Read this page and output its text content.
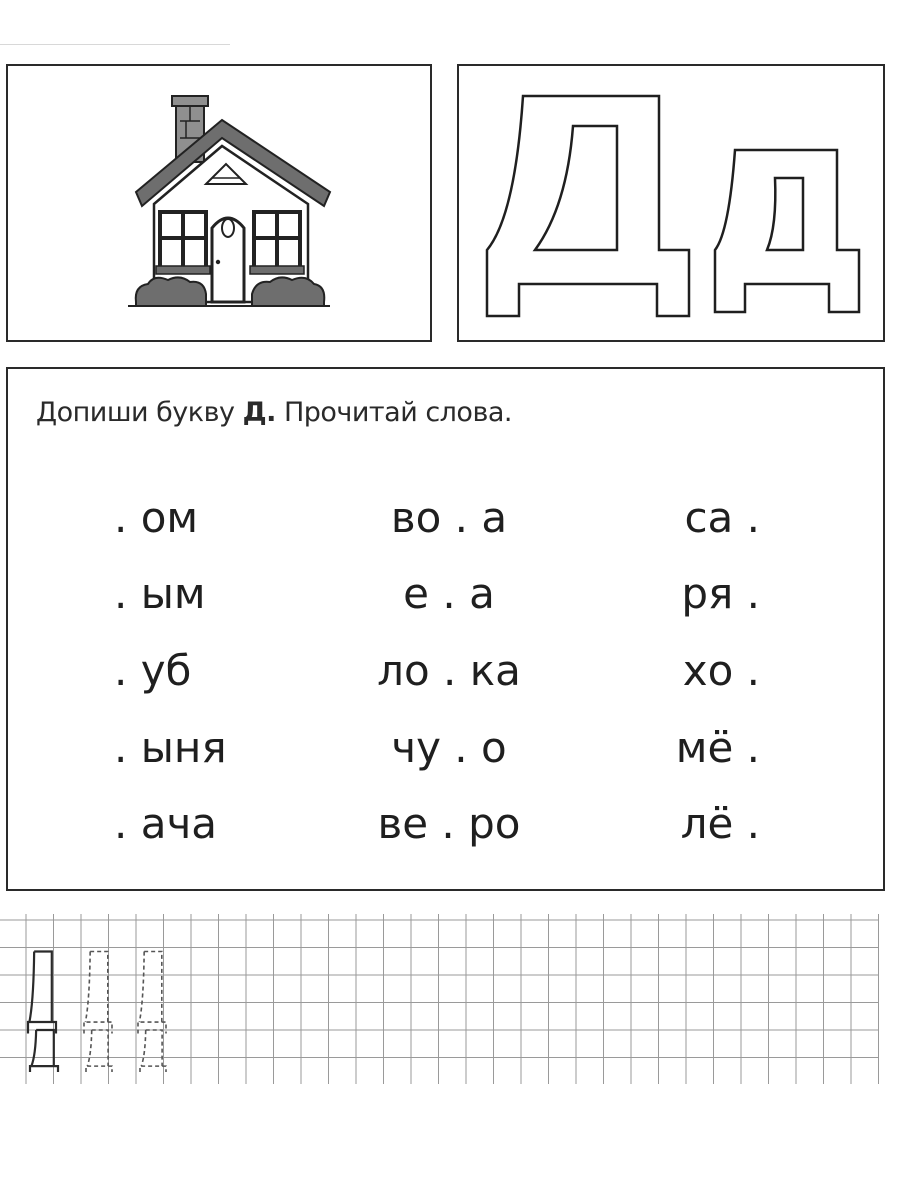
Допиши букву Д. Прочитай слова.
. ом
. ым
. уб
. ыня
. ача
во . а
е . а
ло . ка
чу . о
ве . ро
са .
ря .
хо .
мё .
лё .
